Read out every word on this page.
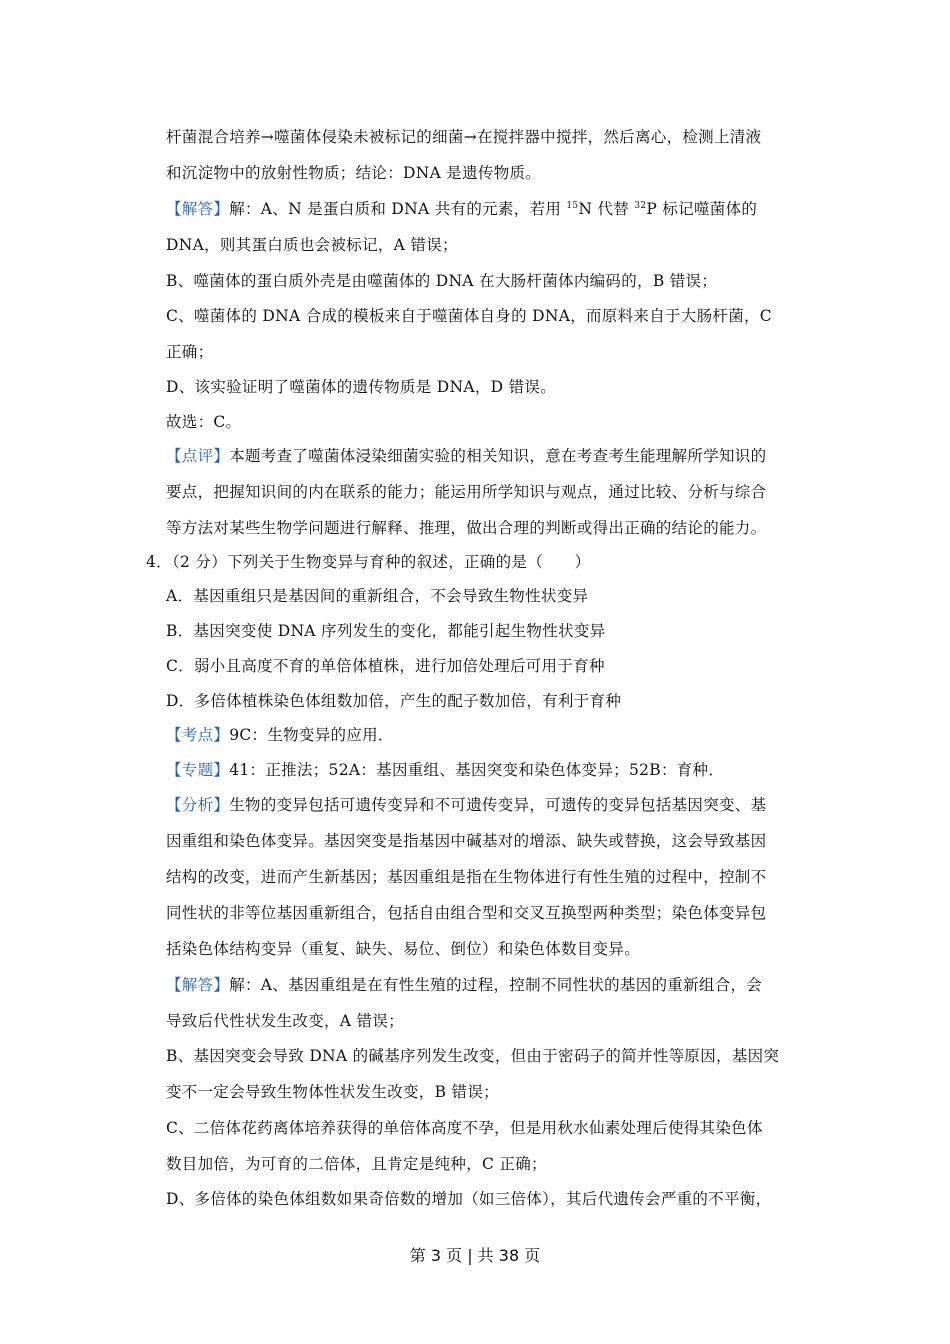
杆菌混合培养→噬菌体侵染未被标记的细菌→在搅拌器中搅拌，然后离心，检测上清液
和沉淀物中的放射性物质；结论：DNA 是遗传物质。
【解答】解：A、N 是蛋白质和 DNA 共有的元素，若用 $^{15}$N 代替 $^{32}$P 标记噬菌体的
DNA，则其蛋白质也会被标记，A 错误；
B、噬菌体的蛋白质外壳是由噬菌体的 DNA 在大肠杆菌体内编码的，B 错误；
C、噬菌体的 DNA 合成的模板来自于噬菌体自身的 DNA，而原料来自于大肠杆菌，C
正确；
D、该实验证明了噬菌体的遗传物质是 DNA，D 错误。
故选：C。
【点评】本题考查了噬菌体浸染细菌实验的相关知识，意在考查考生能理解所学知识的
要点，把握知识间的内在联系的能力；能运用所学知识与观点，通过比较、分析与综合
等方法对某些生物学问题进行解释、推理，做出合理的判断或得出正确的结论的能力。
4．（2 分）下列关于生物变异与育种的叙述，正确的是（　　）
A．基因重组只是基因间的重新组合，不会导致生物性状变异
B．基因突变使 DNA 序列发生的变化，都能引起生物性状变异
C．弱小且高度不育的单倍体植株，进行加倍处理后可用于育种
D．多倍体植株染色体组数加倍，产生的配子数加倍，有利于育种
【考点】9C：生物变异的应用．
【专题】41：正推法；52A：基因重组、基因突变和染色体变异；52B：育种．
【分析】生物的变异包括可遗传变异和不可遗传变异，可遗传的变异包括基因突变、基
因重组和染色体变异。基因突变是指基因中碱基对的增添、缺失或替换，这会导致基因
结构的改变，进而产生新基因；基因重组是指在生物体进行有性生殖的过程中，控制不
同性状的非等位基因重新组合，包括自由组合型和交叉互换型两种类型；染色体变异包
括染色体结构变异（重复、缺失、易位、倒位）和染色体数目变异。
【解答】解：A、基因重组是在有性生殖的过程，控制不同性状的基因的重新组合，会
导致后代性状发生改变，A 错误；
B、基因突变会导致 DNA 的碱基序列发生改变，但由于密码子的简并性等原因，基因突
变不一定会导致生物体性状发生改变，B 错误；
C、二倍体花药离体培养获得的单倍体高度不孕，但是用秋水仙素处理后使得其染色体
数目加倍，为可育的二倍体，且肯定是纯种，C 正确；
D、多倍体的染色体组数如果奇倍数的增加（如三倍体），其后代遗传会严重的不平衡，
第 3 页 | 共 38 页
